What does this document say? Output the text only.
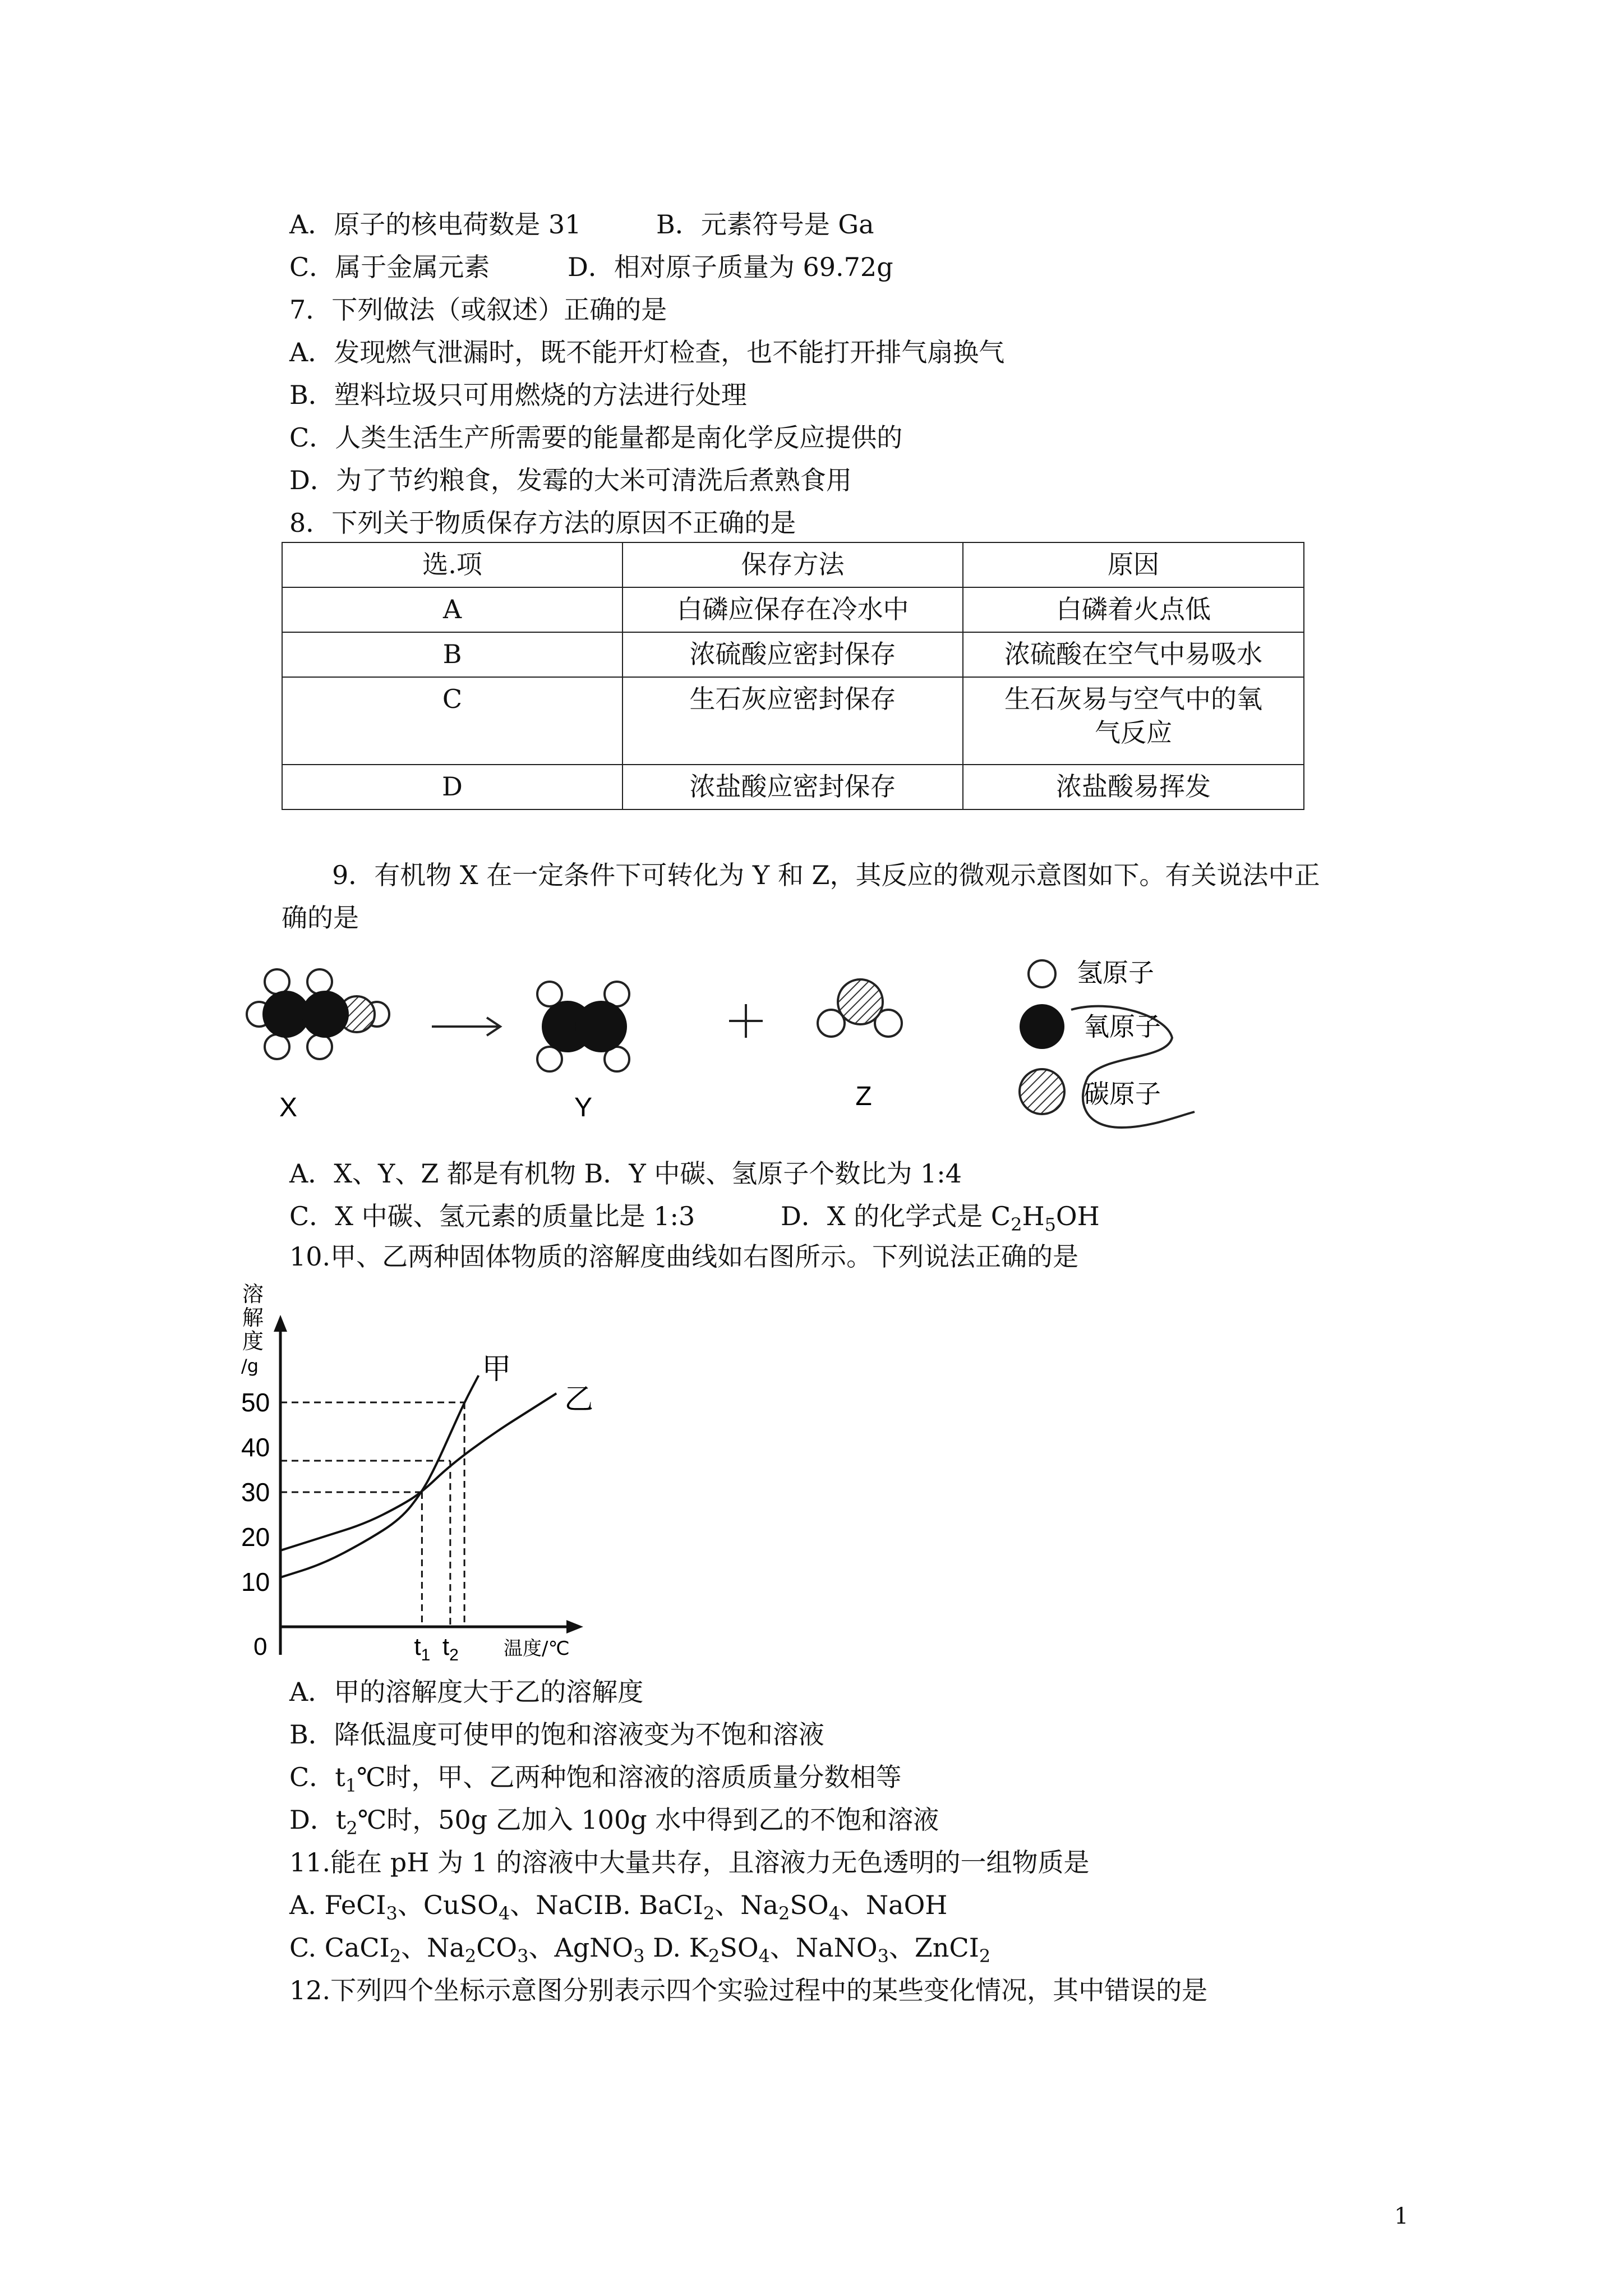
A．原子的核电荷数是 31	B．元素符号是 Ga
C．属于金属元素	D．相对原子质量为 69.72g
7．下列做法（或叙述）正确的是
A．发现燃气泄漏时，既不能开灯检查，也不能打开排气扇换气
B．塑料垃圾只可用燃烧的方法进行处理
C．人类生活生产所需要的能量都是南化学反应提供的
D．为了节约粮食，发霉的大米可清洗后煮熟食用
8．下列关于物质保存方法的原因不正确的是
选.项	保存方法	原因
A	白磷应保存在冷水中	白磷着火点低
B	浓硫酸应密封保存	浓硫酸在空气中易吸水
C	生石灰应密封保存	生石灰易与空气中的氧
气反应
D	浓盐酸应密封保存	浓盐酸易挥发
9．有机物 X 在一定条件下可转化为 Y 和 Z，其反应的微观示意图如下。有关说法中正
确的是
X	Y	Z
氢原子
氧原子
碳原子
A．X、Y、Z 都是有机物 B．Y 中碳、氢原子个数比为 1:4
C．X 中碳、氢元素的质量比是 1:3	D．X 的化学式是 $C_2H_5OH$
10.甲、乙两种固体物质的溶解度曲线如右图所示。下列说法正确的是
溶
解
度
/g
10
20
30
40
50
甲
乙
$t_1$ $t_2$
0	温度/℃
A．甲的溶解度大于乙的溶解度
B．降低温度可使甲的饱和溶液变为不饱和溶液
C．$t_1℃$时，甲、乙两种饱和溶液的溶质质量分数相等
D．$t_2℃$时，50g 乙加入 100g 水中得到乙的不饱和溶液
11.能在 pH 为 1 的溶液中大量共存，且溶液力无色透明的一组物质是
A. FeCI$_3$、CuSO$_4$、NaCIB. BaCI$_2$、$Na_2SO_4$、NaOH
C. CaCI$_2$、$Na_2CO_3$、AgNO$_3$ D. $K_2SO_4$、NaNO$_3$、ZnCI$_2$
12.下列四个坐标示意图分别表示四个实验过程中的某些变化情况，其中错误的是
1
